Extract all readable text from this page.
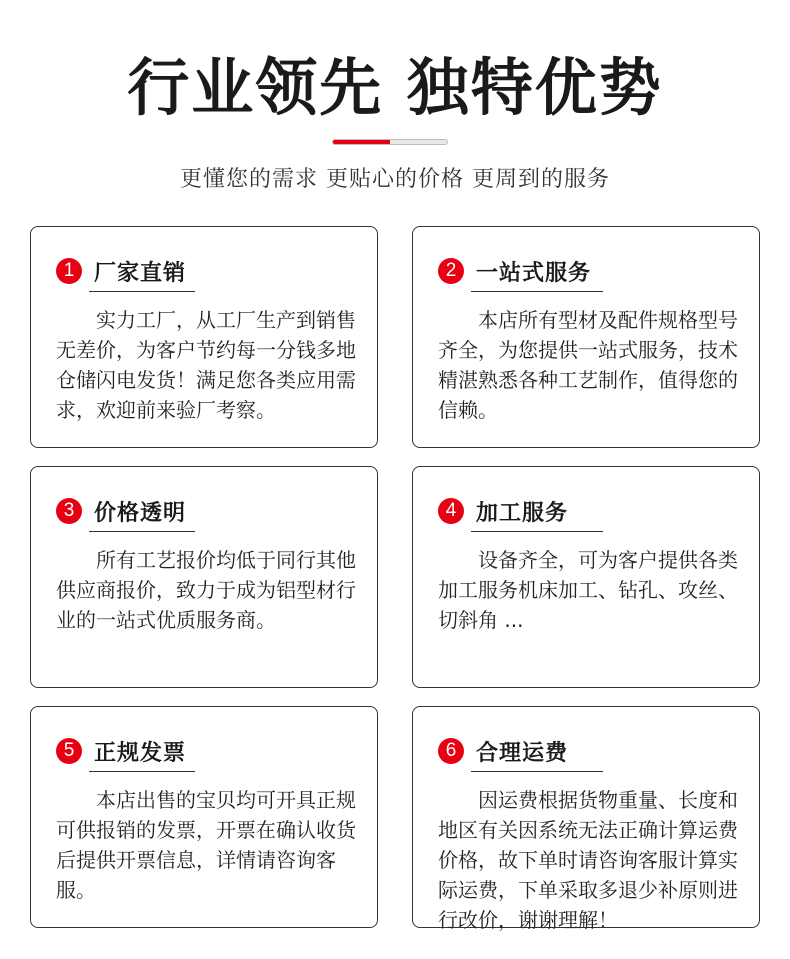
行业领先 独特优势
更懂您的需求 更贴心的价格 更周到的服务
1 厂家直销
实力工厂，从工厂生产到销售无差价，为客户节约每一分钱多地仓储闪电发货！满足您各类应用需求，欢迎前来验厂考察。
2 一站式服务
本店所有型材及配件规格型号齐全，为您提供一站式服务，技术精湛熟悉各种工艺制作，值得您的信赖。
3 价格透明
所有工艺报价均低于同行其他供应商报价，致力于成为铝型材行业的一站式优质服务商。
4 加工服务
设备齐全，可为客户提供各类加工服务机床加工、钻孔、攻丝、切斜角 ...
5 正规发票
本店出售的宝贝均可开具正规可供报销的发票，开票在确认收货后提供开票信息，详情请咨询客服。
6 合理运费
因运费根据货物重量、长度和地区有关因系统无法正确计算运费价格，故下单时请咨询客服计算实际运费，下单采取多退少补原则进行改价，谢谢理解！
